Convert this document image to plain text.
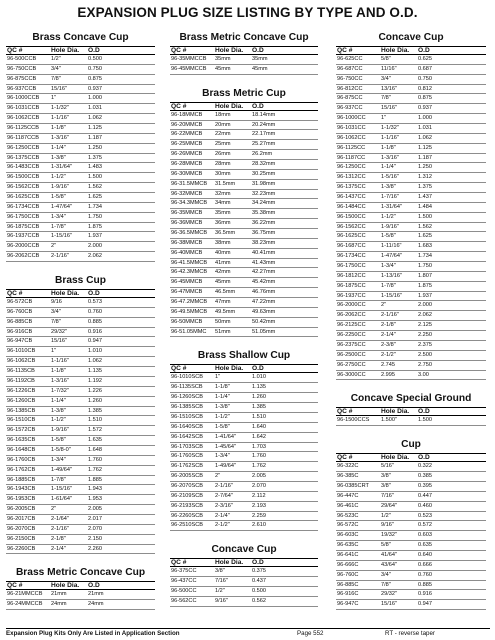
EXPANSION PLUG SIZE LISTING BY TYPE AND O.D.
Brass Concave Cup
QC #	Hole Dia.	O.D
96-500CCB	1/2"	0.500
96-750CCB	3/4"	0.750
96-875CCB	7/8"	0.875
96-937CCB	15/16"	0.937
96-1000CCB	1"	1.000
96-1031CCB	1-1/32"	1.031
96-1062CCB	1-1/16"	1.062
96-1125CCB	1-1/8"	1.125
96-1187CCB	1-3/16"	1.187
96-1250CCB	1-1/4"	1.250
96-1375CCB	1-3/8"	1.375
96-1483CCB	1-31/64"	1.483
96-1500CCB	1-1/2"	1.500
96-1562CCB	1-9/16"	1.562
96-1625CCB	1-5/8"	1.625
96-1734CCB	1-47/64"	1.734
96-1750CCB	1-3/4"	1.750
96-1875CCB	1-7/8"	1.875
96-1937CCB	1-15/16"	1.937
96-2000CCB	2"	2.000
96-2062CCB	2-1/16"	2.062
Brass Cup
QC #	Hole Dia.	O.D
96-572CB	9/16	0.573
96-760CB	3/4"	0.760
96-885CB	7/8"	0.885
96-916CB	29/32"	0.916
96-947CB	15/16"	0.947
96-1010CB	1"	1.010
96-1062CB	1-1/16"	1.062
96-1135CB	1-1/8"	1.135
96-1192CB	1-3/16"	1.192
96-1226CB	1-7/32"	1.226
96-1260CB	1-1/4"	1.260
96-1385CB	1-3/8"	1.385
96-1510CB	1-1/2"	1.510
96-1572CB	1-9/16"	1.572
96-1635CB	1-5/8"	1.635
96-1648CB	1-5/8-0"	1.648
96-1760CB	1-3/4"	1.760
96-1762CB	1-49/64"	1.762
96-1885CB	1-7/8"	1.885
96-1943CB	1-15/16"	1.943
96-1953CB	1-61/64"	1.953
96-2005CB	2"	2.005
96-2017CB	2-1/64"	2.017
96-2070CB	2-1/16"	2.070
96-2150CB	2-1/8"	2.150
96-2260CB	2-1/4"	2.260
Brass Metric Concave Cup
QC #	Hole Dia.	O.D
96-21MMCCB	21mm	21mm
96-24MMCCB	24mm	24mm
Brass Metric Concave Cup
QC #	Hole Dia.	O.D
96-35MMCCB	35mm	35mm
96-45MMCCB	45mm	45mm
Brass Metric Cup
QC #	Hole Dia.	O.D
96-18MMCB	18mm	18.14mm
96-20MMCB	20mm	20.24mm
96-22MMCB	22mm	22.17mm
96-25MMCB	25mm	25.27mm
96-26MMCB	26mm	26.2mm
96-28MMCB	28mm	28.32mm
96-30MMCB	30mm	30.25mm
96-31.5MMCB	31.5mm	31.98mm
96-32MMCB	32mm	32.23mm
96-34.3MMCB	34mm	34.24mm
96-35MMCB	35mm	35.38mm
96-36MMCB	36mm	36.22mm
96-36.5MMCB	36.5mm	36.75mm
96-38MMCB	38mm	38.23mm
96-40MMCB	40mm	40.41mm
96-41.5MMCB	41mm	41.43mm
96-42.3MMCB	42mm	42.27mm
96-45MMCB	45mm	45.42mm
96-47MMCB	46.5mm	46.76mm
96-47.2MMCB	47mm	47.22mm
96-49.5MMCB	49.5mm	49.63mm
96-50MMCB	50mm	50.42mm
96-51.05MMC	51mm	51.05mm
Brass Shallow Cup
QC #	Hole Dia.	O.D
96-1010SCB	1"	1.010
96-1135SCB	1-1/8"	1.135
96-1260SCB	1-1/4"	1.260
96-1385SCB	1-3/8"	1.385
96-1510SCB	1-1/2"	1.510
96-1640SCB	1-5/8"	1.640
96-1642SCB	1-41/64"	1.642
96-1703SCB	1-45/64"	1.703
96-1760SCB	1-3/4"	1.760
96-1762SCB	1-49/64"	1.762
96-2005SCB	2"	2.005
96-2070SCB	2-1/16"	2.070
96-2109SCB	2-7/64"	2.112
96-2193SCB	2-3/16"	2.193
96-2260SCB	2-1/4"	2.259
96-2510SCB	2-1/2"	2.610
Concave Cup
QC #	Hole Dia.	O.D
96-375CC	3/8"	0.375
96-437CC	7/16"	0.437
96-500CC	1/2"	0.500
96-562CC	9/16"	0.562
Concave Cup
QC #	Hole Dia.	O.D
96-625CC	5/8"	0.625
96-687CC	11/16"	0.687
96-750CC	3/4"	0.750
96-812CC	13/16"	0.812
96-875CC	7/8"	0.875
96-937CC	15/16"	0.937
96-1000CC	1"	1.000
96-1031CC	1-1/32"	1.031
96-1062CC	1-1/16"	1.062
96-1125CC	1-1/8"	1.125
96-1187CC	1-3/16"	1.187
96-1250CC	1-1/4"	1.250
96-1312CC	1-5/16"	1.312
96-1375CC	1-3/8"	1.375
96-1437CC	1-7/16"	1.437
96-1484CC	1-31/64"	1.484
96-1500CC	1-1/2"	1.500
96-1562CC	1-9/16"	1.562
96-1625CC	1-5/8"	1.625
96-1687CC	1-11/16"	1.683
96-1734CC	1-47/64"	1.734
96-1750CC	1-3/4"	1.750
96-1812CC	1-13/16"	1.807
96-1875CC	1-7/8"	1.875
96-1937CC	1-15/16"	1.937
96-2000CC	2"	2.000
96-2062CC	2-1/16"	2.062
96-2125CC	2-1/8"	2.125
96-2250CC	2-1/4"	2.250
96-2375CC	2-3/8"	2.375
96-2500CC	2-1/2"	2.500
96-2750CC	2.745	2.750
96-3000CC	2.995	3.00
Concave Special Ground
QC #	Hole Dia.	O.D
96-1500CCS	1.500"	1.500
Cup
QC #	Hole Dia.	O.D
96-322C	5/16"	0.322
96-385C	3/8"	0.385
96-0385CRT	3/8"	0.395
96-447C	7/16"	0.447
96-461C	29/64"	0.460
96-523C	1/2"	0.523
96-572C	9/16"	0.572
96-603C	19/32"	0.603
96-635C	5/8"	0.635
96-641C	41/64"	0.640
96-666C	43/64"	0.666
96-760C	3/4"	0.760
96-885C	7/8"	0.885
96-916C	29/32"	0.916
96-947C	15/16"	0.947
Expansion Plug Kits Only Are Listed in Application Section	Page 552	RT - reverse taper
